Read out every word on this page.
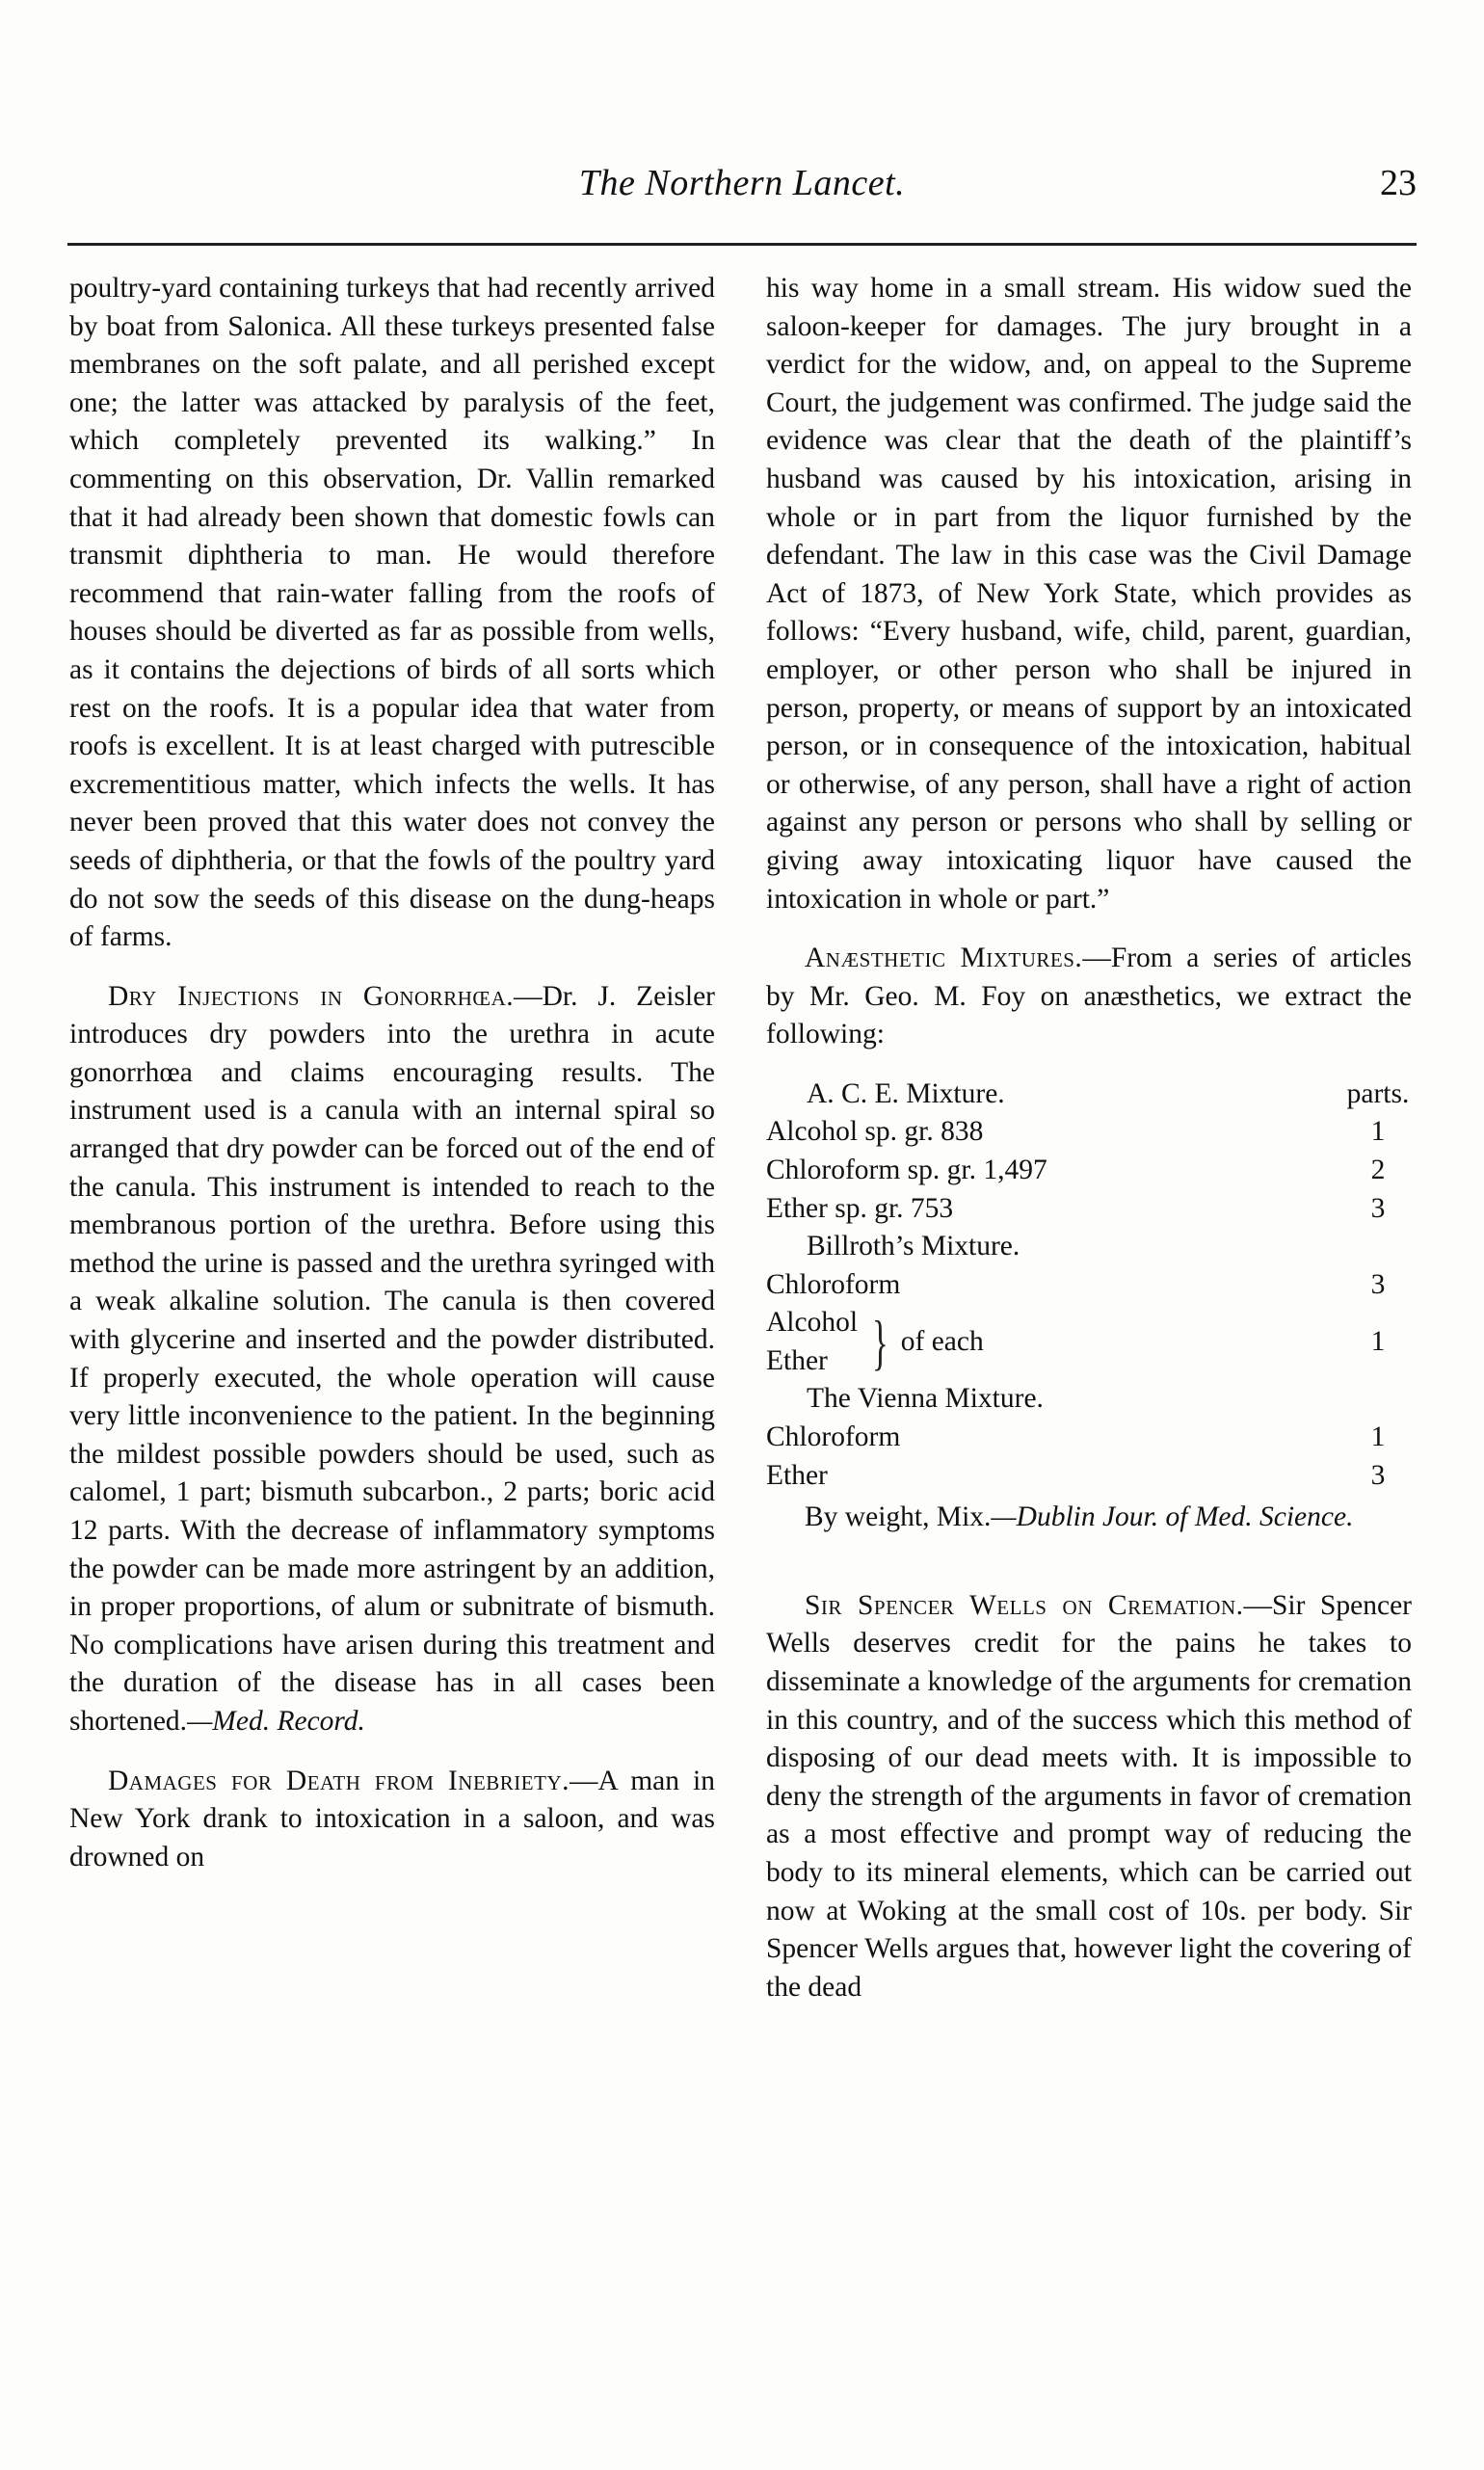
The Northern Lancet.	23

poultry-yard containing turkeys that had recently arrived by boat from Salonica. All these turkeys presented false membranes on the soft palate, and all perished except one; the latter was attacked by paralysis of the feet, which completely prevented its walking.” In commenting on this observation, Dr. Vallin remarked that it had already been shown that domestic fowls can transmit diphtheria to man. He would therefore recommend that rain-water falling from the roofs of houses should be diverted as far as possible from wells, as it contains the dejections of birds of all sorts which rest on the roofs. It is a popular idea that water from roofs is excellent. It is at least charged with putrescible excrementitious matter, which infects the wells. It has never been proved that this water does not convey the seeds of diphtheria, or that the fowls of the poultry yard do not sow the seeds of this disease on the dung-heaps of farms.

Dry Injections in Gonorrhœa.—Dr. J. Zeisler introduces dry powders into the urethra in acute gonorrhœa and claims encouraging results. The instrument used is a canula with an internal spiral so arranged that dry powder can be forced out of the end of the canula. This instrument is intended to reach to the membranous portion of the urethra. Before using this method the urine is passed and the urethra syringed with a weak alkaline solution. The canula is then covered with glycerine and inserted and the powder distributed. If properly executed, the whole operation will cause very little inconvenience to the patient. In the beginning the mildest possible powders should be used, such as calomel, 1 part; bismuth subcarbon., 2 parts; boric acid 12 parts. With the decrease of inflammatory symptoms the powder can be made more astringent by an addition, in proper proportions, of alum or subnitrate of bismuth. No complications have arisen during this treatment and the duration of the disease has in all cases been shortened.—Med. Record.

Damages for Death from Inebriety.—A man in New York drank to intoxication in a saloon, and was drowned on

his way home in a small stream. His widow sued the saloon-keeper for damages. The jury brought in a verdict for the widow, and, on appeal to the Supreme Court, the judgement was confirmed. The judge said the evidence was clear that the death of the plaintiff’s husband was caused by his intoxication, arising in whole or in part from the liquor furnished by the defendant. The law in this case was the Civil Damage Act of 1873, of New York State, which provides as follows: “Every husband, wife, child, parent, guardian, employer, or other person who shall be injured in person, property, or means of support by an intoxicated person, or in consequence of the intoxication, habitual or otherwise, of any person, shall have a right of action against any person or persons who shall by selling or giving away intoxicating liquor have caused the intoxication in whole or part.”

Anæsthetic Mixtures.—From a series of articles by Mr. Geo. M. Foy on anæsthetics, we extract the following:

A. C. E. Mixture.	parts.
Alcohol sp. gr. 838	1
Chloroform sp. gr. 1,497	2
Ether sp. gr. 753	3
Billroth’s Mixture.
Chloroform	3
Alcohol
Ether } of each	1
The Vienna Mixture.
Chloroform	1
Ether	3

By weight, Mix.—Dublin Jour. of Med. Science.

Sir Spencer Wells on Cremation.—Sir Spencer Wells deserves credit for the pains he takes to disseminate a knowledge of the arguments for cremation in this country, and of the success which this method of disposing of our dead meets with. It is impossible to deny the strength of the arguments in favor of cremation as a most effective and prompt way of reducing the body to its mineral elements, which can be carried out now at Woking at the small cost of 10s. per body. Sir Spencer Wells argues that, however light the covering of the dead
